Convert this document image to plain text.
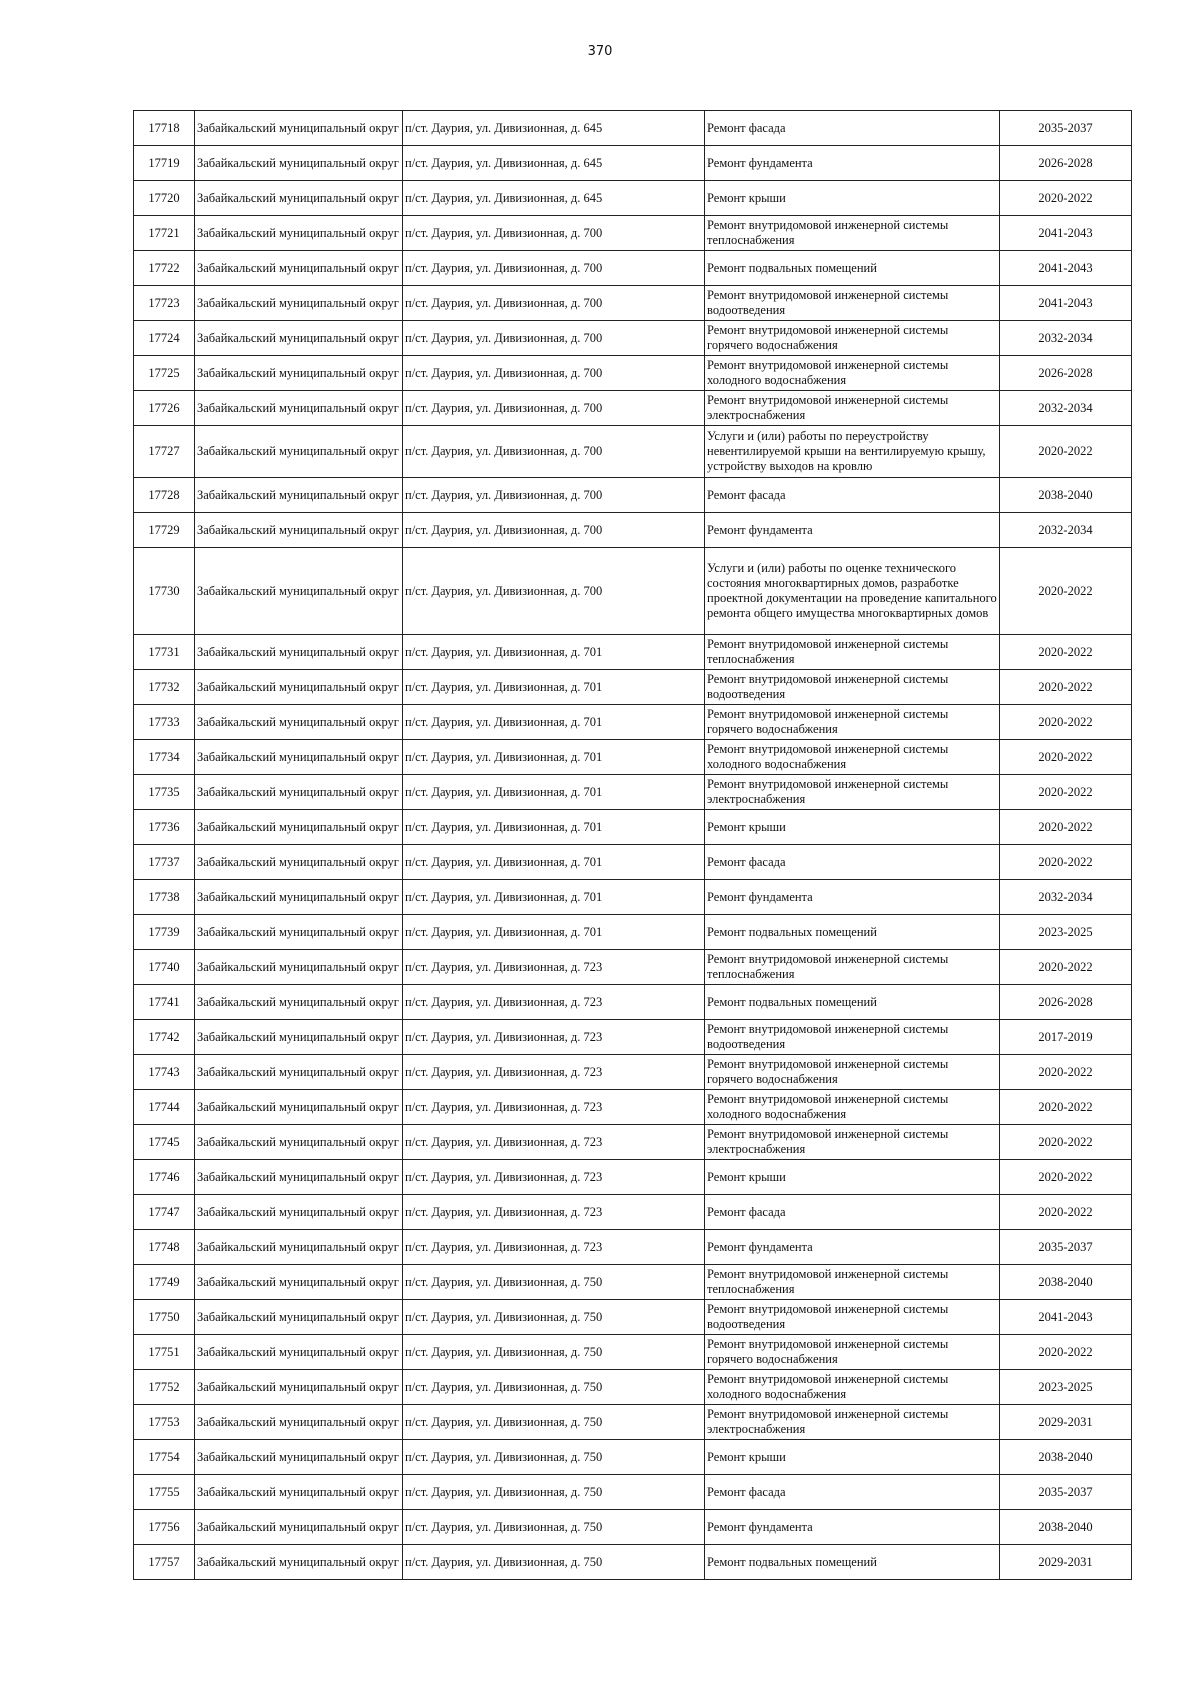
370
17718	Забайкальский муниципальный округ	п/ст. Даурия, ул. Дивизионная, д. 645	Ремонт фасада	2035-2037
17719	Забайкальский муниципальный округ	п/ст. Даурия, ул. Дивизионная, д. 645	Ремонт фундамента	2026-2028
17720	Забайкальский муниципальный округ	п/ст. Даурия, ул. Дивизионная, д. 645	Ремонт крыши	2020-2022
17721	Забайкальский муниципальный округ	п/ст. Даурия, ул. Дивизионная, д. 700	Ремонт внутридомовой инженерной системы теплоснабжения	2041-2043
17722	Забайкальский муниципальный округ	п/ст. Даурия, ул. Дивизионная, д. 700	Ремонт подвальных помещений	2041-2043
17723	Забайкальский муниципальный округ	п/ст. Даурия, ул. Дивизионная, д. 700	Ремонт внутридомовой инженерной системы водоотведения	2041-2043
17724	Забайкальский муниципальный округ	п/ст. Даурия, ул. Дивизионная, д. 700	Ремонт внутридомовой инженерной системы горячего водоснабжения	2032-2034
17725	Забайкальский муниципальный округ	п/ст. Даурия, ул. Дивизионная, д. 700	Ремонт внутридомовой инженерной системы холодного водоснабжения	2026-2028
17726	Забайкальский муниципальный округ	п/ст. Даурия, ул. Дивизионная, д. 700	Ремонт внутридомовой инженерной системы электроснабжения	2032-2034
17727	Забайкальский муниципальный округ	п/ст. Даурия, ул. Дивизионная, д. 700	Услуги и (или) работы по переустройству невентилируемой крыши на вентилируемую крышу, устройству выходов на кровлю	2020-2022
17728	Забайкальский муниципальный округ	п/ст. Даурия, ул. Дивизионная, д. 700	Ремонт фасада	2038-2040
17729	Забайкальский муниципальный округ	п/ст. Даурия, ул. Дивизионная, д. 700	Ремонт фундамента	2032-2034
17730	Забайкальский муниципальный округ	п/ст. Даурия, ул. Дивизионная, д. 700	Услуги и (или) работы по оценке технического состояния многоквартирных домов, разработке проектной документации на проведение капитального ремонта общего имущества многоквартирных домов	2020-2022
17731	Забайкальский муниципальный округ	п/ст. Даурия, ул. Дивизионная, д. 701	Ремонт внутридомовой инженерной системы теплоснабжения	2020-2022
17732	Забайкальский муниципальный округ	п/ст. Даурия, ул. Дивизионная, д. 701	Ремонт внутридомовой инженерной системы водоотведения	2020-2022
17733	Забайкальский муниципальный округ	п/ст. Даурия, ул. Дивизионная, д. 701	Ремонт внутридомовой инженерной системы горячего водоснабжения	2020-2022
17734	Забайкальский муниципальный округ	п/ст. Даурия, ул. Дивизионная, д. 701	Ремонт внутридомовой инженерной системы холодного водоснабжения	2020-2022
17735	Забайкальский муниципальный округ	п/ст. Даурия, ул. Дивизионная, д. 701	Ремонт внутридомовой инженерной системы электроснабжения	2020-2022
17736	Забайкальский муниципальный округ	п/ст. Даурия, ул. Дивизионная, д. 701	Ремонт крыши	2020-2022
17737	Забайкальский муниципальный округ	п/ст. Даурия, ул. Дивизионная, д. 701	Ремонт фасада	2020-2022
17738	Забайкальский муниципальный округ	п/ст. Даурия, ул. Дивизионная, д. 701	Ремонт фундамента	2032-2034
17739	Забайкальский муниципальный округ	п/ст. Даурия, ул. Дивизионная, д. 701	Ремонт подвальных помещений	2023-2025
17740	Забайкальский муниципальный округ	п/ст. Даурия, ул. Дивизионная, д. 723	Ремонт внутридомовой инженерной системы теплоснабжения	2020-2022
17741	Забайкальский муниципальный округ	п/ст. Даурия, ул. Дивизионная, д. 723	Ремонт подвальных помещений	2026-2028
17742	Забайкальский муниципальный округ	п/ст. Даурия, ул. Дивизионная, д. 723	Ремонт внутридомовой инженерной системы водоотведения	2017-2019
17743	Забайкальский муниципальный округ	п/ст. Даурия, ул. Дивизионная, д. 723	Ремонт внутридомовой инженерной системы горячего водоснабжения	2020-2022
17744	Забайкальский муниципальный округ	п/ст. Даурия, ул. Дивизионная, д. 723	Ремонт внутридомовой инженерной системы холодного водоснабжения	2020-2022
17745	Забайкальский муниципальный округ	п/ст. Даурия, ул. Дивизионная, д. 723	Ремонт внутридомовой инженерной системы электроснабжения	2020-2022
17746	Забайкальский муниципальный округ	п/ст. Даурия, ул. Дивизионная, д. 723	Ремонт крыши	2020-2022
17747	Забайкальский муниципальный округ	п/ст. Даурия, ул. Дивизионная, д. 723	Ремонт фасада	2020-2022
17748	Забайкальский муниципальный округ	п/ст. Даурия, ул. Дивизионная, д. 723	Ремонт фундамента	2035-2037
17749	Забайкальский муниципальный округ	п/ст. Даурия, ул. Дивизионная, д. 750	Ремонт внутридомовой инженерной системы теплоснабжения	2038-2040
17750	Забайкальский муниципальный округ	п/ст. Даурия, ул. Дивизионная, д. 750	Ремонт внутридомовой инженерной системы водоотведения	2041-2043
17751	Забайкальский муниципальный округ	п/ст. Даурия, ул. Дивизионная, д. 750	Ремонт внутридомовой инженерной системы горячего водоснабжения	2020-2022
17752	Забайкальский муниципальный округ	п/ст. Даурия, ул. Дивизионная, д. 750	Ремонт внутридомовой инженерной системы холодного водоснабжения	2023-2025
17753	Забайкальский муниципальный округ	п/ст. Даурия, ул. Дивизионная, д. 750	Ремонт внутридомовой инженерной системы электроснабжения	2029-2031
17754	Забайкальский муниципальный округ	п/ст. Даурия, ул. Дивизионная, д. 750	Ремонт крыши	2038-2040
17755	Забайкальский муниципальный округ	п/ст. Даурия, ул. Дивизионная, д. 750	Ремонт фасада	2035-2037
17756	Забайкальский муниципальный округ	п/ст. Даурия, ул. Дивизионная, д. 750	Ремонт фундамента	2038-2040
17757	Забайкальский муниципальный округ	п/ст. Даурия, ул. Дивизионная, д. 750	Ремонт подвальных помещений	2029-2031
